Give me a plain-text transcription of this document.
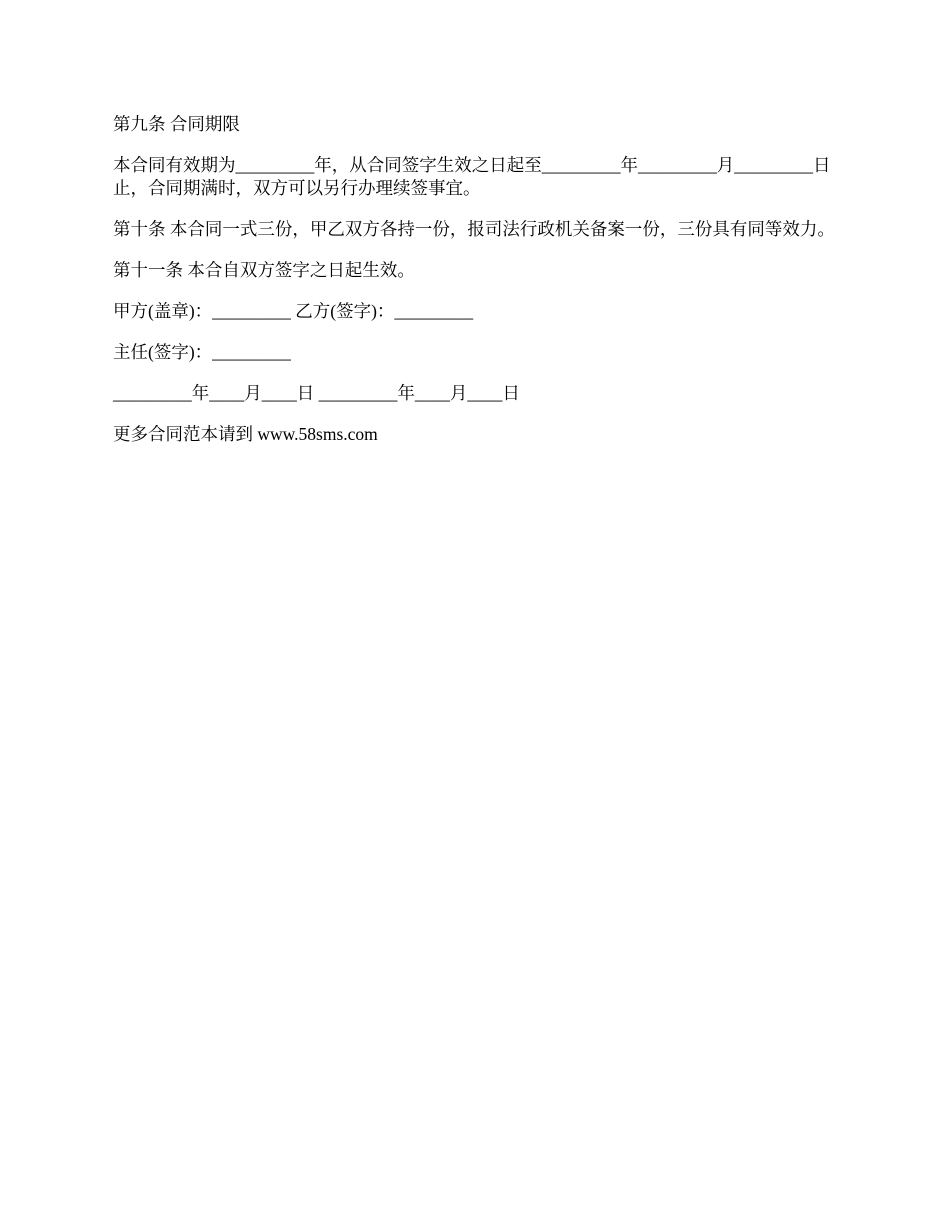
第九条 合同期限

本合同有效期为_________年，从合同签字生效之日起至_________年_________月_________日止，合同期满时，双方可以另行办理续签事宜。

第十条 本合同一式三份，甲乙双方各持一份，报司法行政机关备案一份，三份具有同等效力。

第十一条 本合自双方签字之日起生效。

甲方(盖章)：_________ 乙方(签字)：_________

主任(签字)：_________

_________年____月____日 _________年____月____日

更多合同范本请到 www.58sms.com
